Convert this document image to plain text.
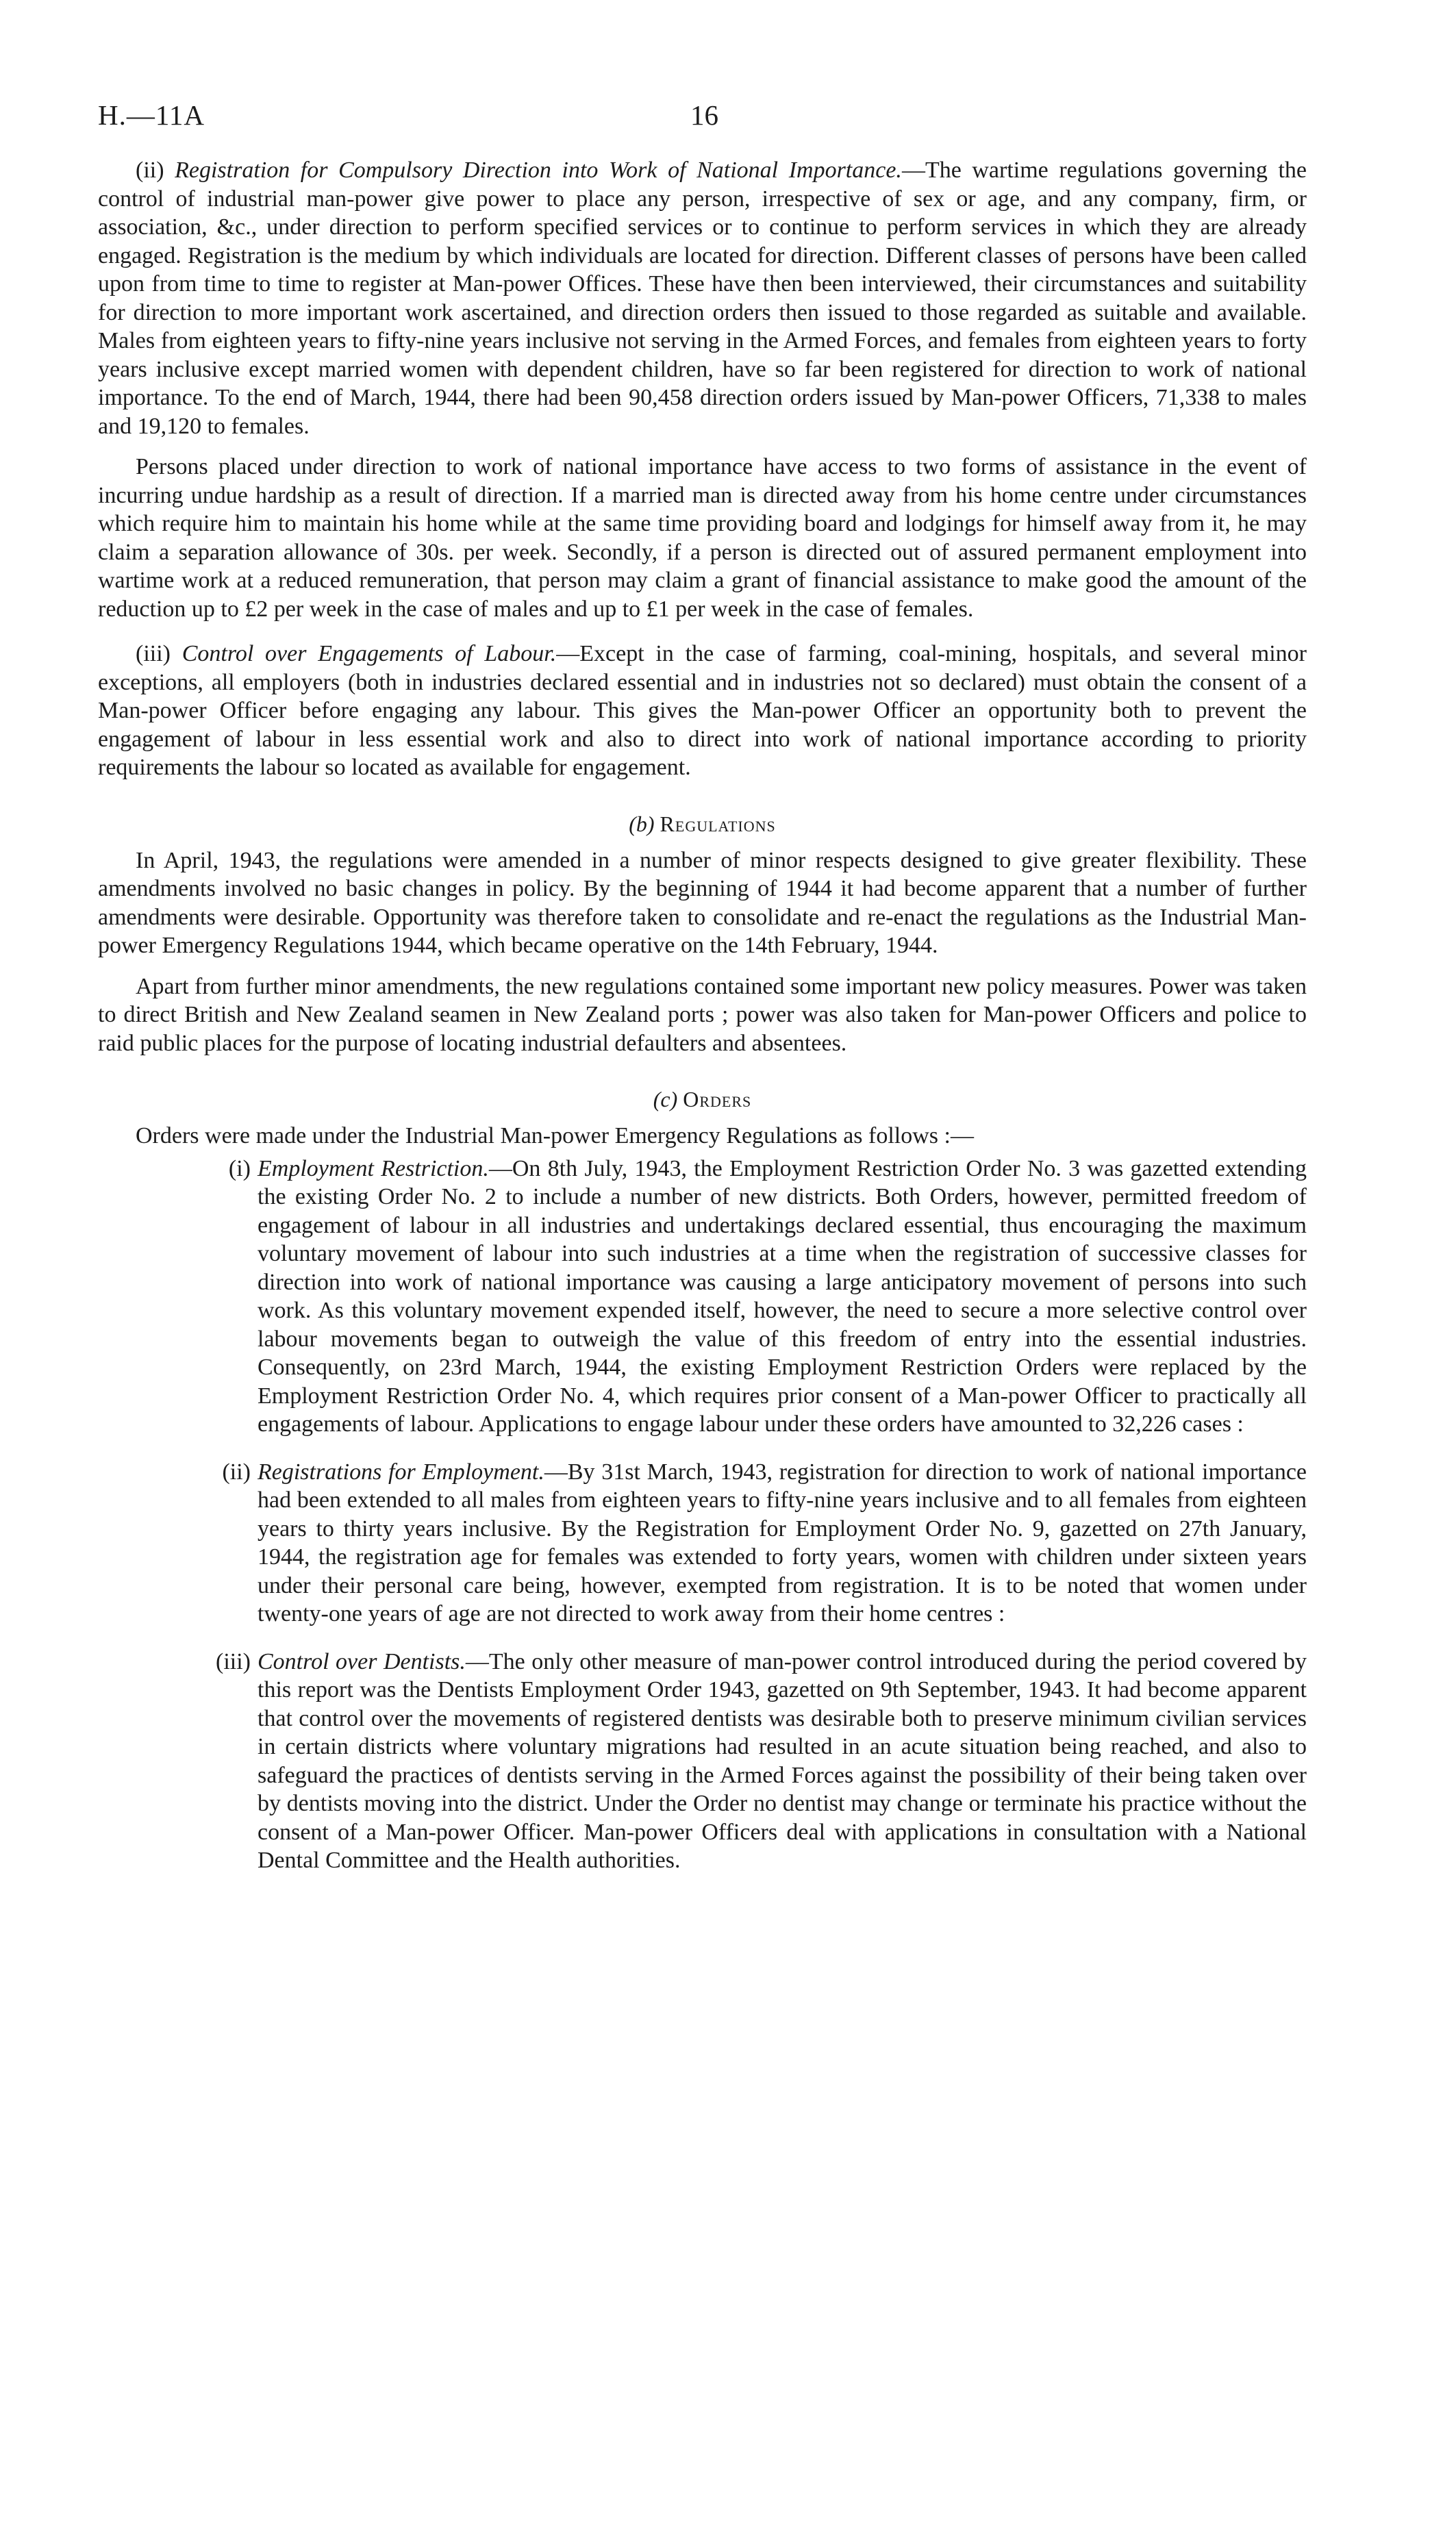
H.—11A	16

(ii) Registration for Compulsory Direction into Work of National Importance.—The wartime regulations governing the control of industrial man-power give power to place any person, irrespective of sex or age, and any company, firm, or association, &c., under direction to perform specified services or to continue to perform services in which they are already engaged. Registration is the medium by which individuals are located for direction. Different classes of persons have been called upon from time to time to register at Man-power Offices. These have then been interviewed, their circumstances and suitability for direction to more important work ascertained, and direction orders then issued to those regarded as suitable and available. Males from eighteen years to fifty-nine years inclusive not serving in the Armed Forces, and females from eighteen years to forty years inclusive except married women with dependent children, have so far been registered for direction to work of national importance. To the end of March, 1944, there had been 90,458 direction orders issued by Man-power Officers, 71,338 to males and 19,120 to females.

Persons placed under direction to work of national importance have access to two forms of assistance in the event of incurring undue hardship as a result of direction. If a married man is directed away from his home centre under circumstances which require him to maintain his home while at the same time providing board and lodgings for himself away from it, he may claim a separation allowance of 30s. per week. Secondly, if a person is directed out of assured permanent employment into wartime work at a reduced remuneration, that person may claim a grant of financial assistance to make good the amount of the reduction up to £2 per week in the case of males and up to £1 per week in the case of females.

(iii) Control over Engagements of Labour.—Except in the case of farming, coal-mining, hospitals, and several minor exceptions, all employers (both in industries declared essential and in industries not so declared) must obtain the consent of a Man-power Officer before engaging any labour. This gives the Man-power Officer an opportunity both to prevent the engagement of labour in less essential work and also to direct into work of national importance according to priority requirements the labour so located as available for engagement.

(b) Regulations

In April, 1943, the regulations were amended in a number of minor respects designed to give greater flexibility. These amendments involved no basic changes in policy. By the beginning of 1944 it had become apparent that a number of further amendments were desirable. Opportunity was therefore taken to consolidate and re-enact the regulations as the Industrial Man-power Emergency Regulations 1944, which became operative on the 14th February, 1944.

Apart from further minor amendments, the new regulations contained some important new policy measures. Power was taken to direct British and New Zealand seamen in New Zealand ports ; power was also taken for Man-power Officers and police to raid public places for the purpose of locating industrial defaulters and absentees.

(c) Orders

Orders were made under the Industrial Man-power Emergency Regulations as follows :—

(i) Employment Restriction.—On 8th July, 1943, the Employment Restriction Order No. 3 was gazetted extending the existing Order No. 2 to include a number of new districts. Both Orders, however, permitted freedom of engagement of labour in all industries and undertakings declared essential, thus encouraging the maximum voluntary movement of labour into such industries at a time when the registration of successive classes for direction into work of national importance was causing a large anticipatory movement of persons into such work. As this voluntary movement expended itself, however, the need to secure a more selective control over labour movements began to outweigh the value of this freedom of entry into the essential industries. Consequently, on 23rd March, 1944, the existing Employment Restriction Orders were replaced by the Employment Restriction Order No. 4, which requires prior consent of a Man-power Officer to practically all engagements of labour. Applications to engage labour under these orders have amounted to 32,226 cases :
(ii) Registrations for Employment.—By 31st March, 1943, registration for direction to work of national importance had been extended to all males from eighteen years to fifty-nine years inclusive and to all females from eighteen years to thirty years inclusive. By the Registration for Employment Order No. 9, gazetted on 27th January, 1944, the registration age for females was extended to forty years, women with children under sixteen years under their personal care being, however, exempted from registration. It is to be noted that women under twenty-one years of age are not directed to work away from their home centres :
(iii) Control over Dentists.—The only other measure of man-power control introduced during the period covered by this report was the Dentists Employment Order 1943, gazetted on 9th September, 1943. It had become apparent that control over the movements of registered dentists was desirable both to preserve minimum civilian services in certain districts where voluntary migrations had resulted in an acute situation being reached, and also to safeguard the practices of dentists serving in the Armed Forces against the possibility of their being taken over by dentists moving into the district. Under the Order no dentist may change or terminate his practice without the consent of a Man-power Officer. Man-power Officers deal with applications in consultation with a National Dental Committee and the Health authorities.
